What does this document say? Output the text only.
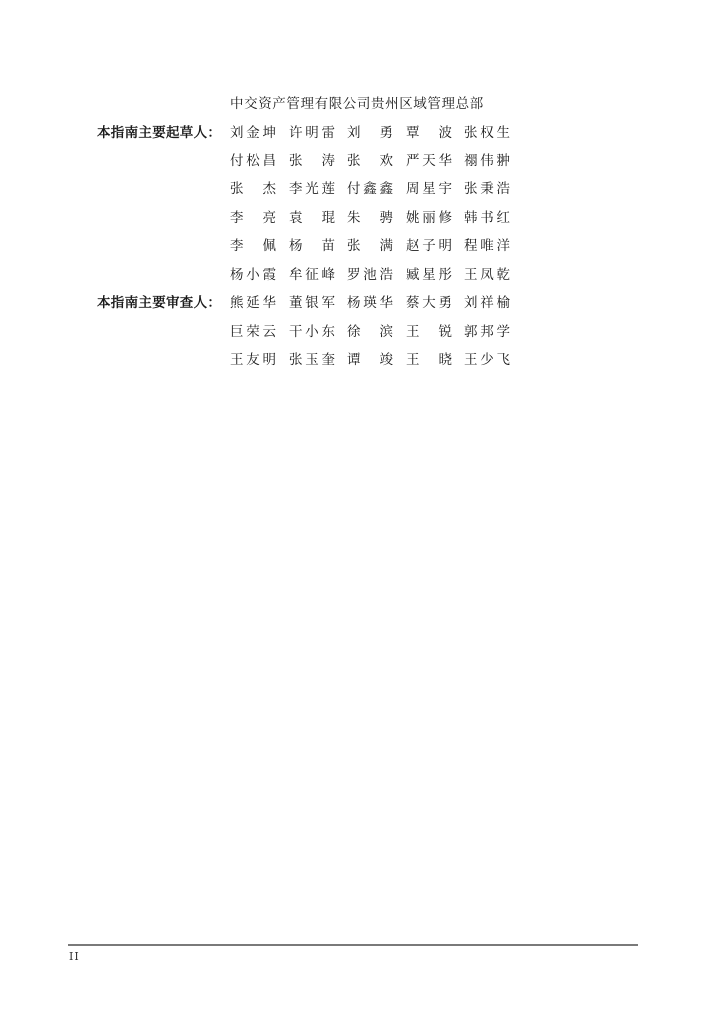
中交资产管理有限公司贵州区域管理总部
本指南主要起草人： 刘金坤 许明雷 刘勇 覃波 张权生
付松昌 张涛 张欢 严天华 禤伟翀
张杰 李光莲 付鑫鑫 周星宇 张秉浩
李亮 袁琨 朱骋 姚丽修 韩书红
李佩 杨苗 张满 赵子明 程唯洋
杨小霞 牟征峰 罗池浩 臧星彤 王凤乾
本指南主要审查人： 熊延华 董银军 杨瑛华 蔡大勇 刘祥榆
巨荣云 干小东 徐滨 王锐 郭邦学
王友明 张玉奎 谭竣 王晓 王少飞
II
